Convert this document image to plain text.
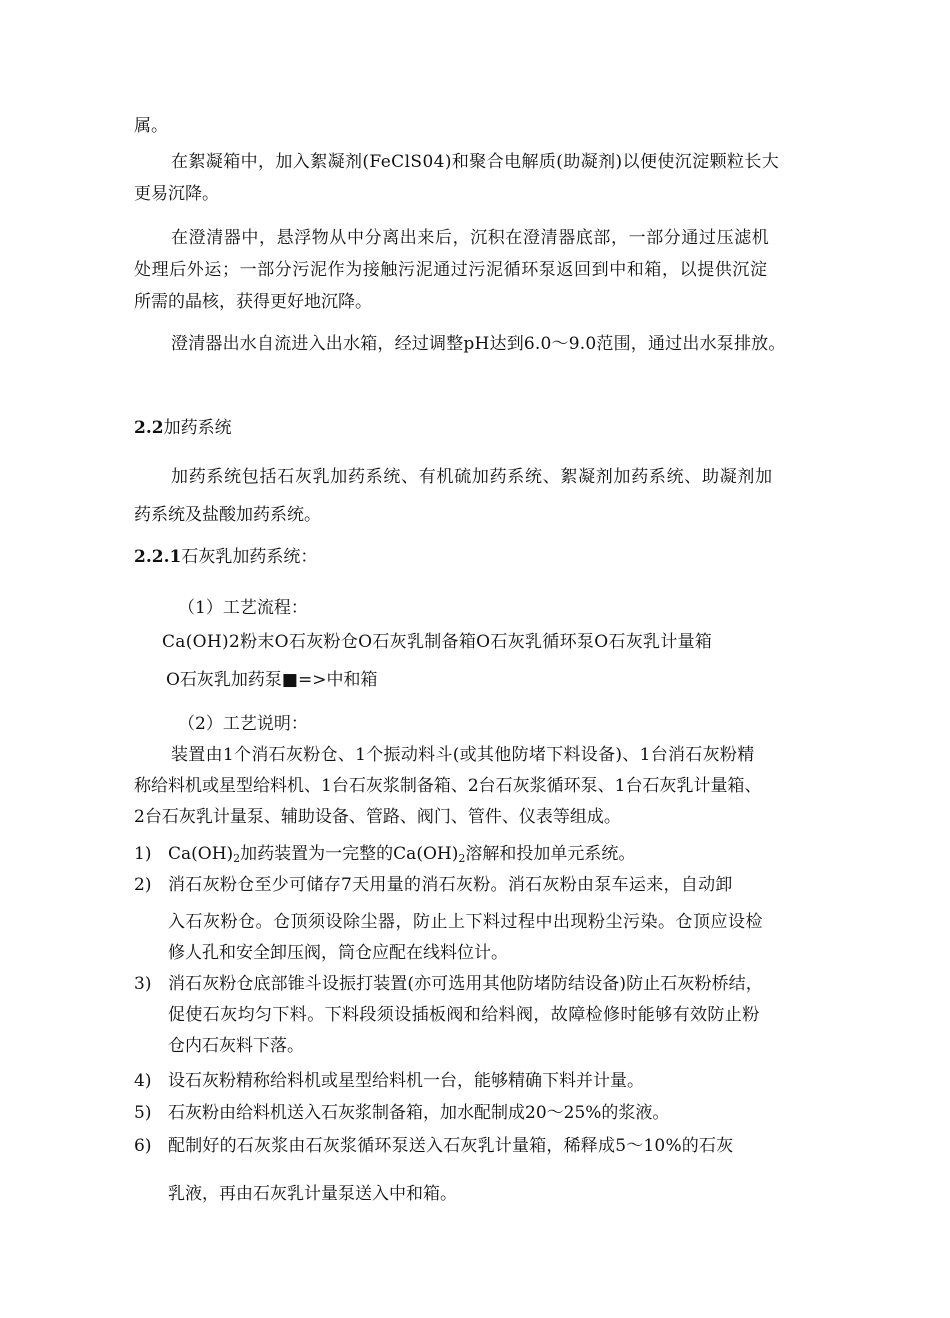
属。
在絮凝箱中，加入絮凝剂(FeClS04)和聚合电解质(助凝剂)以便使沉淀颗粒长大
更易沉降。
在澄清器中，悬浮物从中分离出来后，沉积在澄清器底部，一部分通过压滤机
处理后外运；一部分污泥作为接触污泥通过污泥循环泵返回到中和箱，以提供沉淀
所需的晶核，获得更好地沉降。
澄清器出水自流进入出水箱，经过调整pH达到6.0〜9.0范围，通过出水泵排放。
2.2加药系统
加药系统包括石灰乳加药系统、有机硫加药系统、絮凝剂加药系统、助凝剂加
药系统及盐酸加药系统。
2.2.1石灰乳加药系统：
（1）工艺流程：
Ca(OH)2粉末O石灰粉仓O石灰乳制备箱O石灰乳循环泵O石灰乳计量箱
O石灰乳加药泵■=>中和箱
（2）工艺说明：
装置由1个消石灰粉仓、1个振动料斗(或其他防堵下料设备)、1台消石灰粉精
称给料机或星型给料机、1台石灰浆制备箱、2台石灰浆循环泵、1台石灰乳计量箱、
2台石灰乳计量泵、辅助设备、管路、阀门、管件、仪表等组成。
1) $Ca(OH)_2$加药装置为一完整的$Ca(OH)_2$溶解和投加单元系统。
2) 消石灰粉仓至少可储存7天用量的消石灰粉。消石灰粉由泵车运来，自动卸
入石灰粉仓。仓顶须设除尘器，防止上下料过程中出现粉尘污染。仓顶应设检
修人孔和安全卸压阀，筒仓应配在线料位计。
3) 消石灰粉仓底部锥斗设振打装置(亦可选用其他防堵防结设备)防止石灰粉桥结，
促使石灰均匀下料。下料段须设插板阀和给料阀，故障检修时能够有效防止粉
仓内石灰料下落。
4) 设石灰粉精称给料机或星型给料机一台，能够精确下料并计量。
5) 石灰粉由给料机送入石灰浆制备箱，加水配制成20〜25%的浆液。
6) 配制好的石灰浆由石灰浆循环泵送入石灰乳计量箱，稀释成5〜10%的石灰
乳液，再由石灰乳计量泵送入中和箱。
